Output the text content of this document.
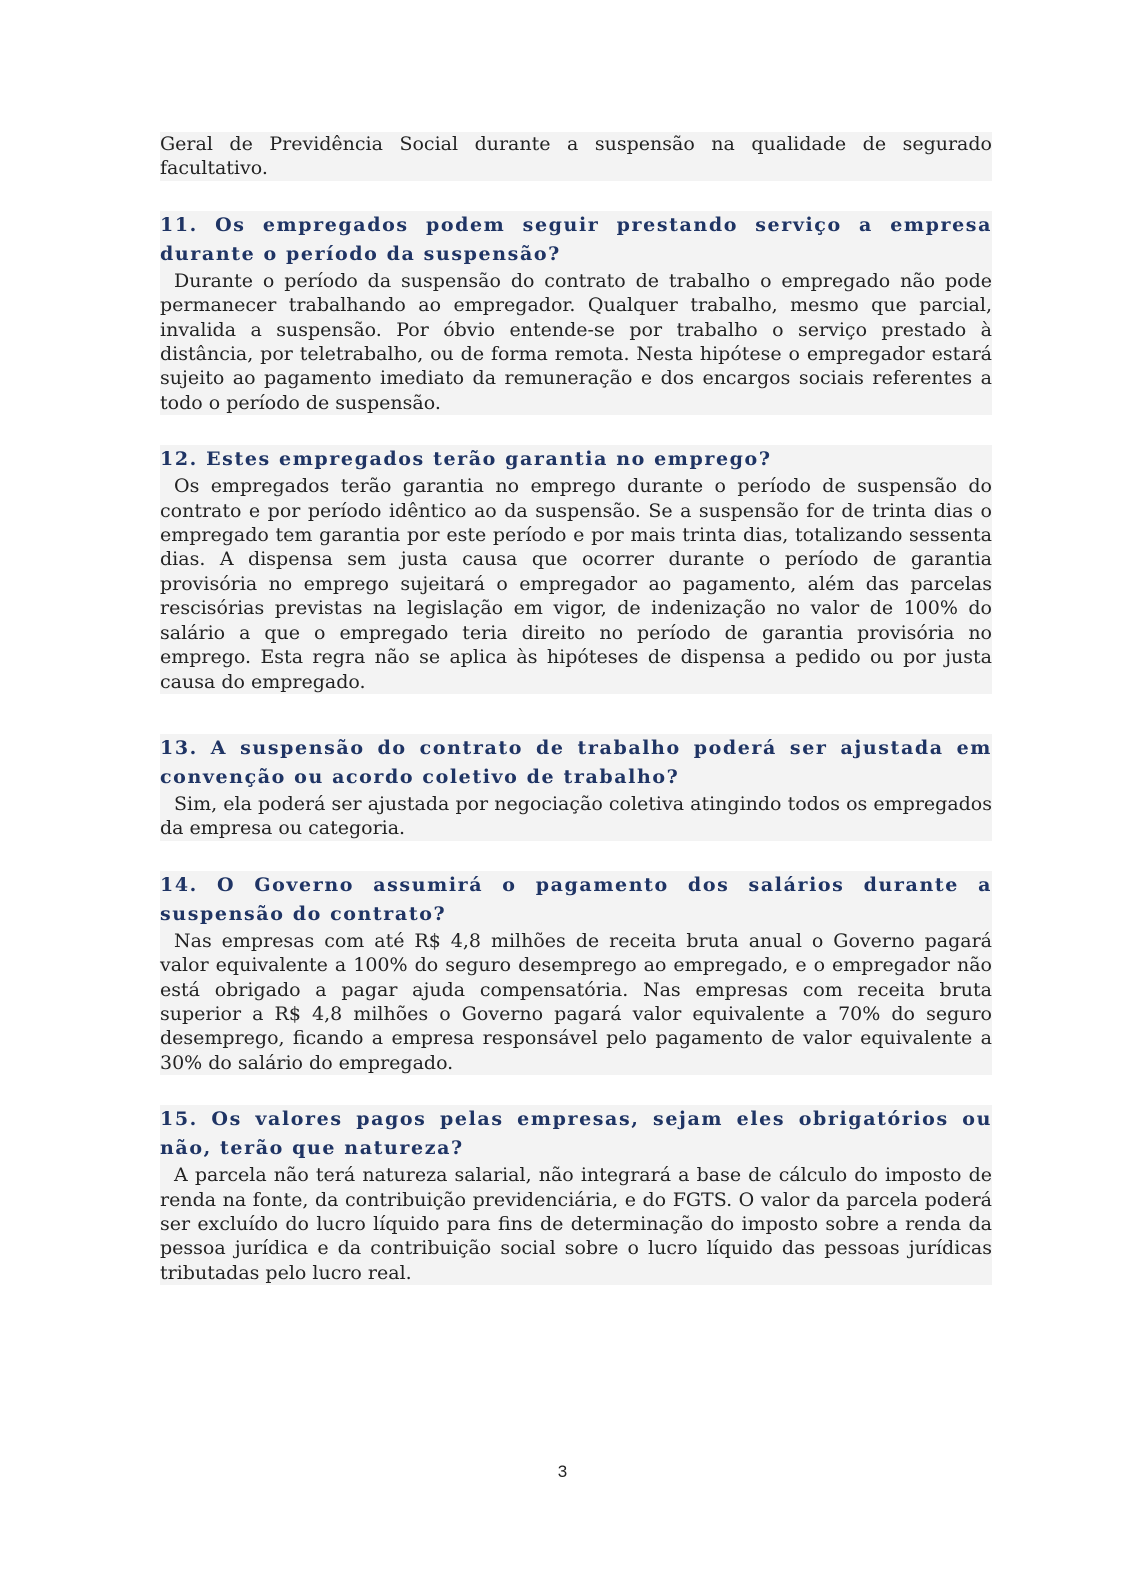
Geral de Previdência Social durante a suspensão na qualidade de segurado facultativo.

11. Os empregados podem seguir prestando serviço a empresa durante o período da suspensão?

Durante o período da suspensão do contrato de trabalho o empregado não pode permanecer trabalhando ao empregador. Qualquer trabalho, mesmo que parcial, invalida a suspensão. Por óbvio entende-se por trabalho o serviço prestado à distância, por teletrabalho, ou de forma remota. Nesta hipótese o empregador estará sujeito ao pagamento imediato da remuneração e dos encargos sociais referentes a todo o período de suspensão.

12. Estes empregados terão garantia no emprego?

Os empregados terão garantia no emprego durante o período de suspensão do contrato e por período idêntico ao da suspensão. Se a suspensão for de trinta dias o empregado tem garantia por este período e por mais trinta dias, totalizando sessenta dias. A dispensa sem justa causa que ocorrer durante o período de garantia provisória no emprego sujeitará o empregador ao pagamento, além das parcelas rescisórias previstas na legislação em vigor, de indenização no valor de 100% do salário a que o empregado teria direito no período de garantia provisória no emprego. Esta regra não se aplica às hipóteses de dispensa a pedido ou por justa causa do empregado.

13. A suspensão do contrato de trabalho poderá ser ajustada em convenção ou acordo coletivo de trabalho?

Sim, ela poderá ser ajustada por negociação coletiva atingindo todos os empregados da empresa ou categoria.

14. O Governo assumirá o pagamento dos salários durante a suspensão do contrato?

Nas empresas com até R$ 4,8 milhões de receita bruta anual o Governo pagará valor equivalente a 100% do seguro desemprego ao empregado, e o empregador não está obrigado a pagar ajuda compensatória. Nas empresas com receita bruta superior a R$ 4,8 milhões o Governo pagará valor equivalente a 70% do seguro desemprego, ficando a empresa responsável pelo pagamento de valor equivalente a 30% do salário do empregado.

15. Os valores pagos pelas empresas, sejam eles obrigatórios ou não, terão que natureza?

A parcela não terá natureza salarial, não integrará a base de cálculo do imposto de renda na fonte, da contribuição previdenciária, e do FGTS. O valor da parcela poderá ser excluído do lucro líquido para fins de determinação do imposto sobre a renda da pessoa jurídica e da contribuição social sobre o lucro líquido das pessoas jurídicas tributadas pelo lucro real.

3
